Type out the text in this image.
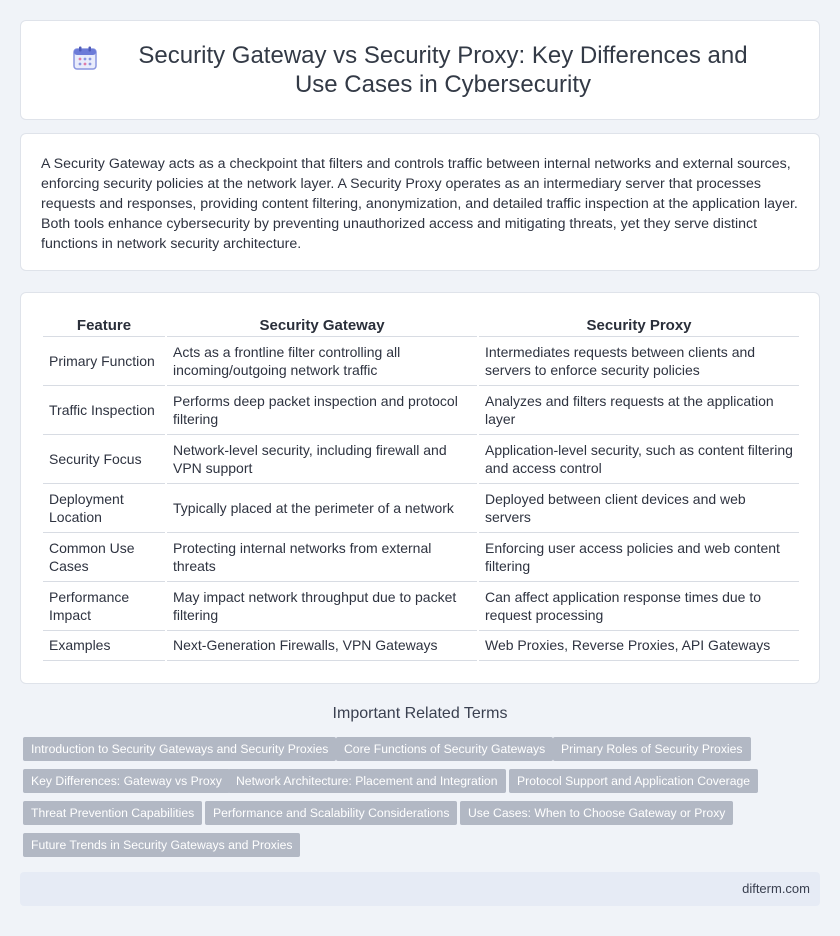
Security Gateway vs Security Proxy: Key Differences and Use Cases in Cybersecurity

A Security Gateway acts as a checkpoint that filters and controls traffic between internal networks and external sources, enforcing security policies at the network layer. A Security Proxy operates as an intermediary server that processes requests and responses, providing content filtering, anonymization, and detailed traffic inspection at the application layer. Both tools enhance cybersecurity by preventing unauthorized access and mitigating threats, yet they serve distinct functions in network security architecture.

Feature	Security Gateway	Security Proxy
Primary Function	Acts as a frontline filter controlling all incoming/outgoing network traffic	Intermediates requests between clients and servers to enforce security policies
Traffic Inspection	Performs deep packet inspection and protocol filtering	Analyzes and filters requests at the application layer
Security Focus	Network-level security, including firewall and VPN support	Application-level security, such as content filtering and access control
Deployment Location	Typically placed at the perimeter of a network	Deployed between client devices and web servers
Common Use Cases	Protecting internal networks from external threats	Enforcing user access policies and web content filtering
Performance Impact	May impact network throughput due to packet filtering	Can affect application response times due to request processing
Examples	Next-Generation Firewalls, VPN Gateways	Web Proxies, Reverse Proxies, API Gateways
Important Related Terms
Introduction to Security Gateways and Security Proxies	Core Functions of Security Gateways	Primary Roles of Security Proxies
Key Differences: Gateway vs Proxy	Network Architecture: Placement and Integration	Protocol Support and Application Coverage
Threat Prevention Capabilities	Performance and Scalability Considerations	Use Cases: When to Choose Gateway or Proxy
Future Trends in Security Gateways and Proxies
difterm.com
